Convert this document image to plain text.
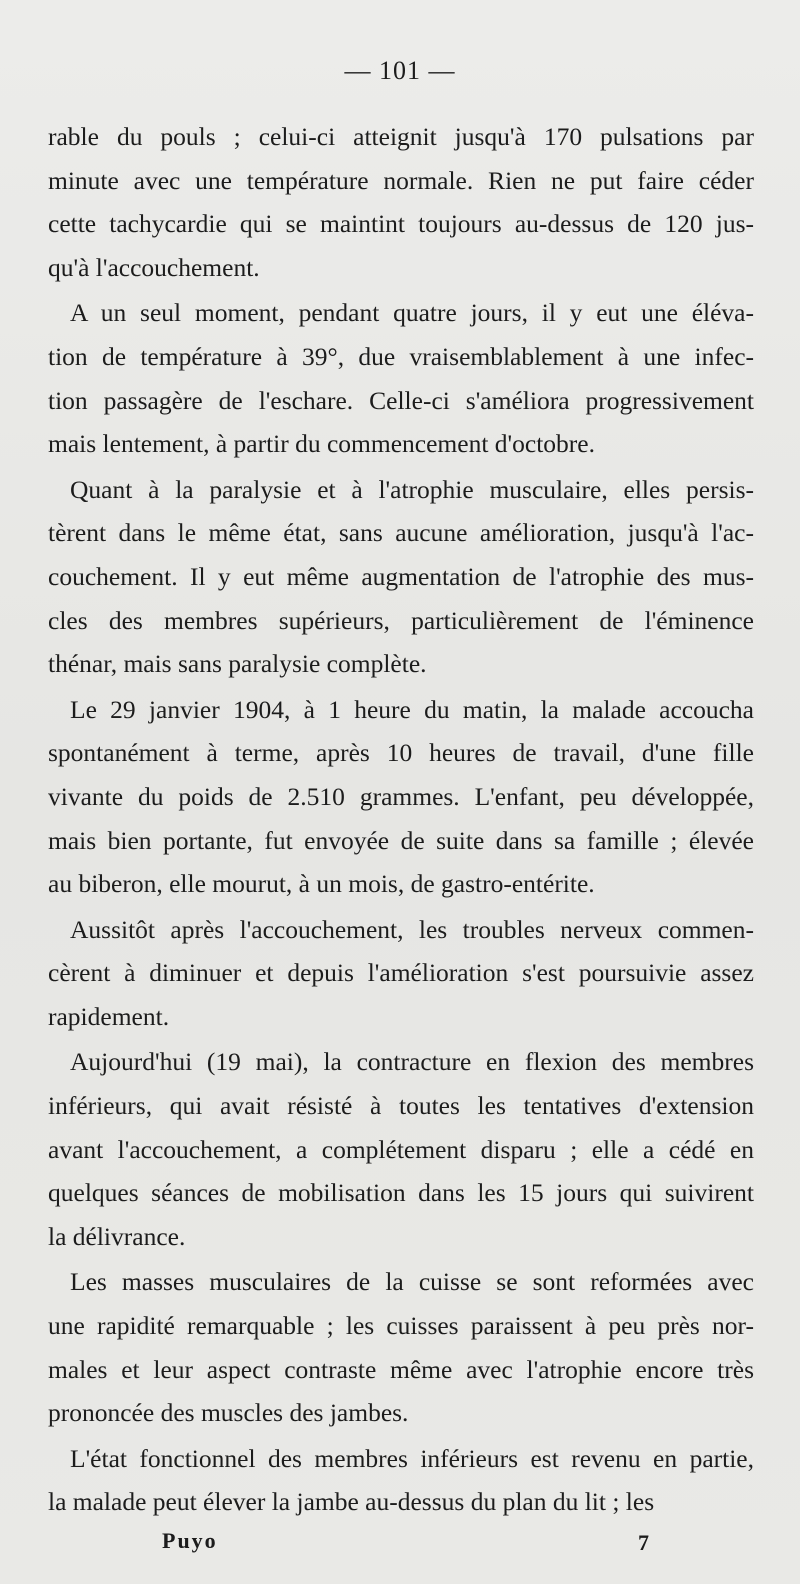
— 101 —
rable du pouls ; celui-ci atteignit jusqu'à 170 pulsations par
minute avec une température normale. Rien ne put faire céder
cette tachycardie qui se maintint toujours au-dessus de 120 jus-
qu'à l'accouchement.
A un seul moment, pendant quatre jours, il y eut une éléva-
tion de température à 39°, due vraisemblablement à une infec-
tion passagère de l'eschare. Celle-ci s'améliora progressivement
mais lentement, à partir du commencement d'octobre.
Quant à la paralysie et à l'atrophie musculaire, elles persis-
tèrent dans le même état, sans aucune amélioration, jusqu'à l'ac-
couchement. Il y eut même augmentation de l'atrophie des mus-
cles des membres supérieurs, particulièrement de l'éminence
thénar, mais sans paralysie complète.
Le 29 janvier 1904, à 1 heure du matin, la malade accoucha
spontanément à terme, après 10 heures de travail, d'une fille
vivante du poids de 2.510 grammes. L'enfant, peu développée,
mais bien portante, fut envoyée de suite dans sa famille ; élevée
au biberon, elle mourut, à un mois, de gastro-entérite.
Aussitôt après l'accouchement, les troubles nerveux commen-
cèrent à diminuer et depuis l'amélioration s'est poursuivie assez
rapidement.
Aujourd'hui (19 mai), la contracture en flexion des membres
inférieurs, qui avait résisté à toutes les tentatives d'extension
avant l'accouchement, a complétement disparu ; elle a cédé en
quelques séances de mobilisation dans les 15 jours qui suivirent
la délivrance.
Les masses musculaires de la cuisse se sont reformées avec
une rapidité remarquable ; les cuisses paraissent à peu près nor-
males et leur aspect contraste même avec l'atrophie encore très
prononcée des muscles des jambes.
L'état fonctionnel des membres inférieurs est revenu en partie,
la malade peut élever la jambe au-dessus du plan du lit ; les
Puyo	7
